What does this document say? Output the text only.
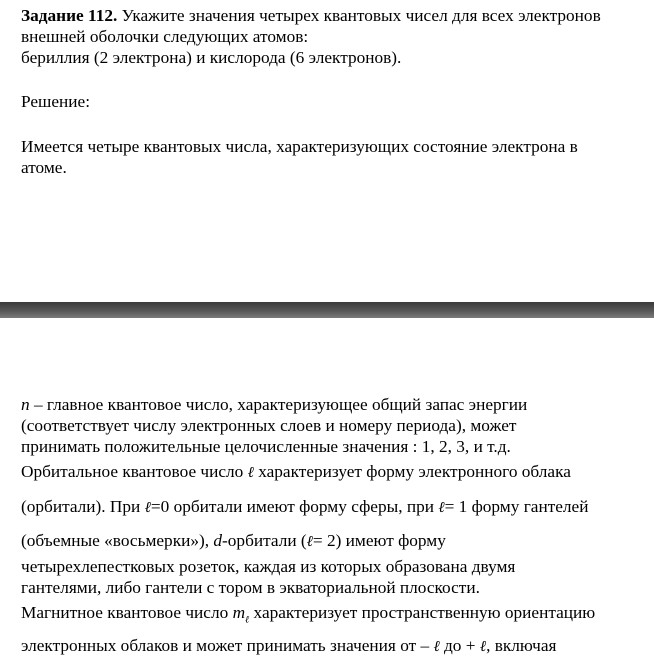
Задание 112. Укажите значения четырех квантовых чисел для всех электронов
внешней оболочки следующих атомов:
бериллия (2 электрона) и кислорода (6 электронов).
Решение:
Имеется четыре квантовых числа, характеризующих состояние электрона в
атоме.
n – главное квантовое число, характеризующее общий запас энергии
(соответствует числу электронных слоев и номеру периода), может
принимать положительные целочисленные значения : 1, 2, 3, и т.д.
Орбитальное квантовое число ℓ характеризует форму электронного облака
(орбитали). При ℓ=0 орбитали имеют форму сферы, при ℓ= 1 форму гантелей
(объемные «восьмерки»), d-орбитали (ℓ= 2) имеют форму
четырехлепестковых розеток, каждая из которых образована двумя
гантелями, либо гантели с тором в экваториальной плоскости.
Магнитное квантовое число $m_\ell$ характеризует пространственную ориентацию
электронных облаков и может принимать значения от – ℓ до + ℓ, включая
